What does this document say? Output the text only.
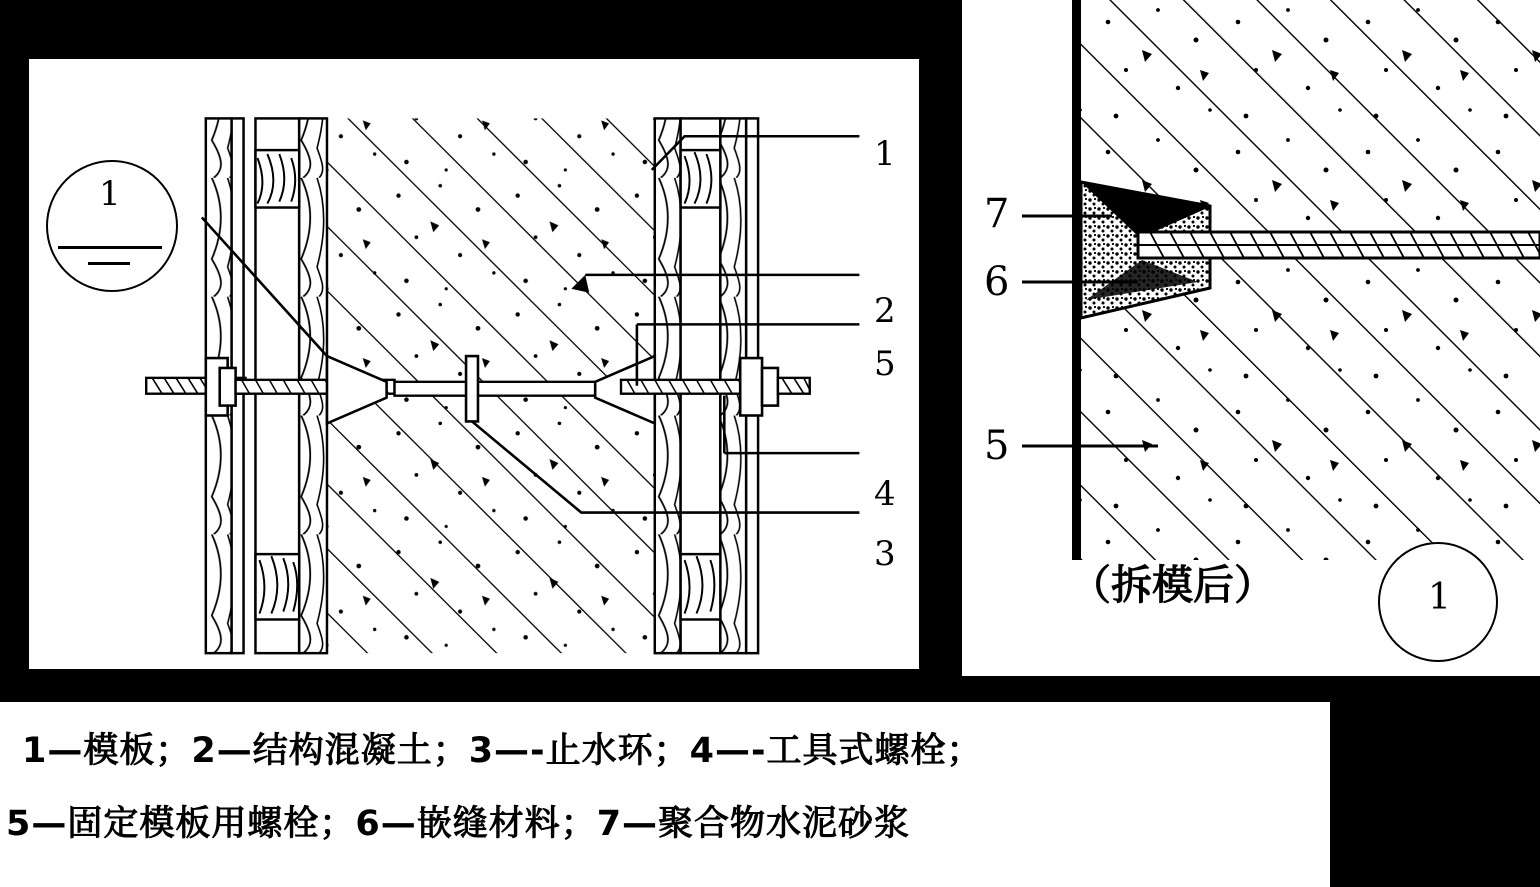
1
2
5
4
3
1	7
6
5
（拆模后）	1
1—模板；2—结构混凝土；3—-止水环；4—-工具式螺栓；
5—固定模板用螺栓；6—嵌缝材料；7—聚合物水泥砂浆
